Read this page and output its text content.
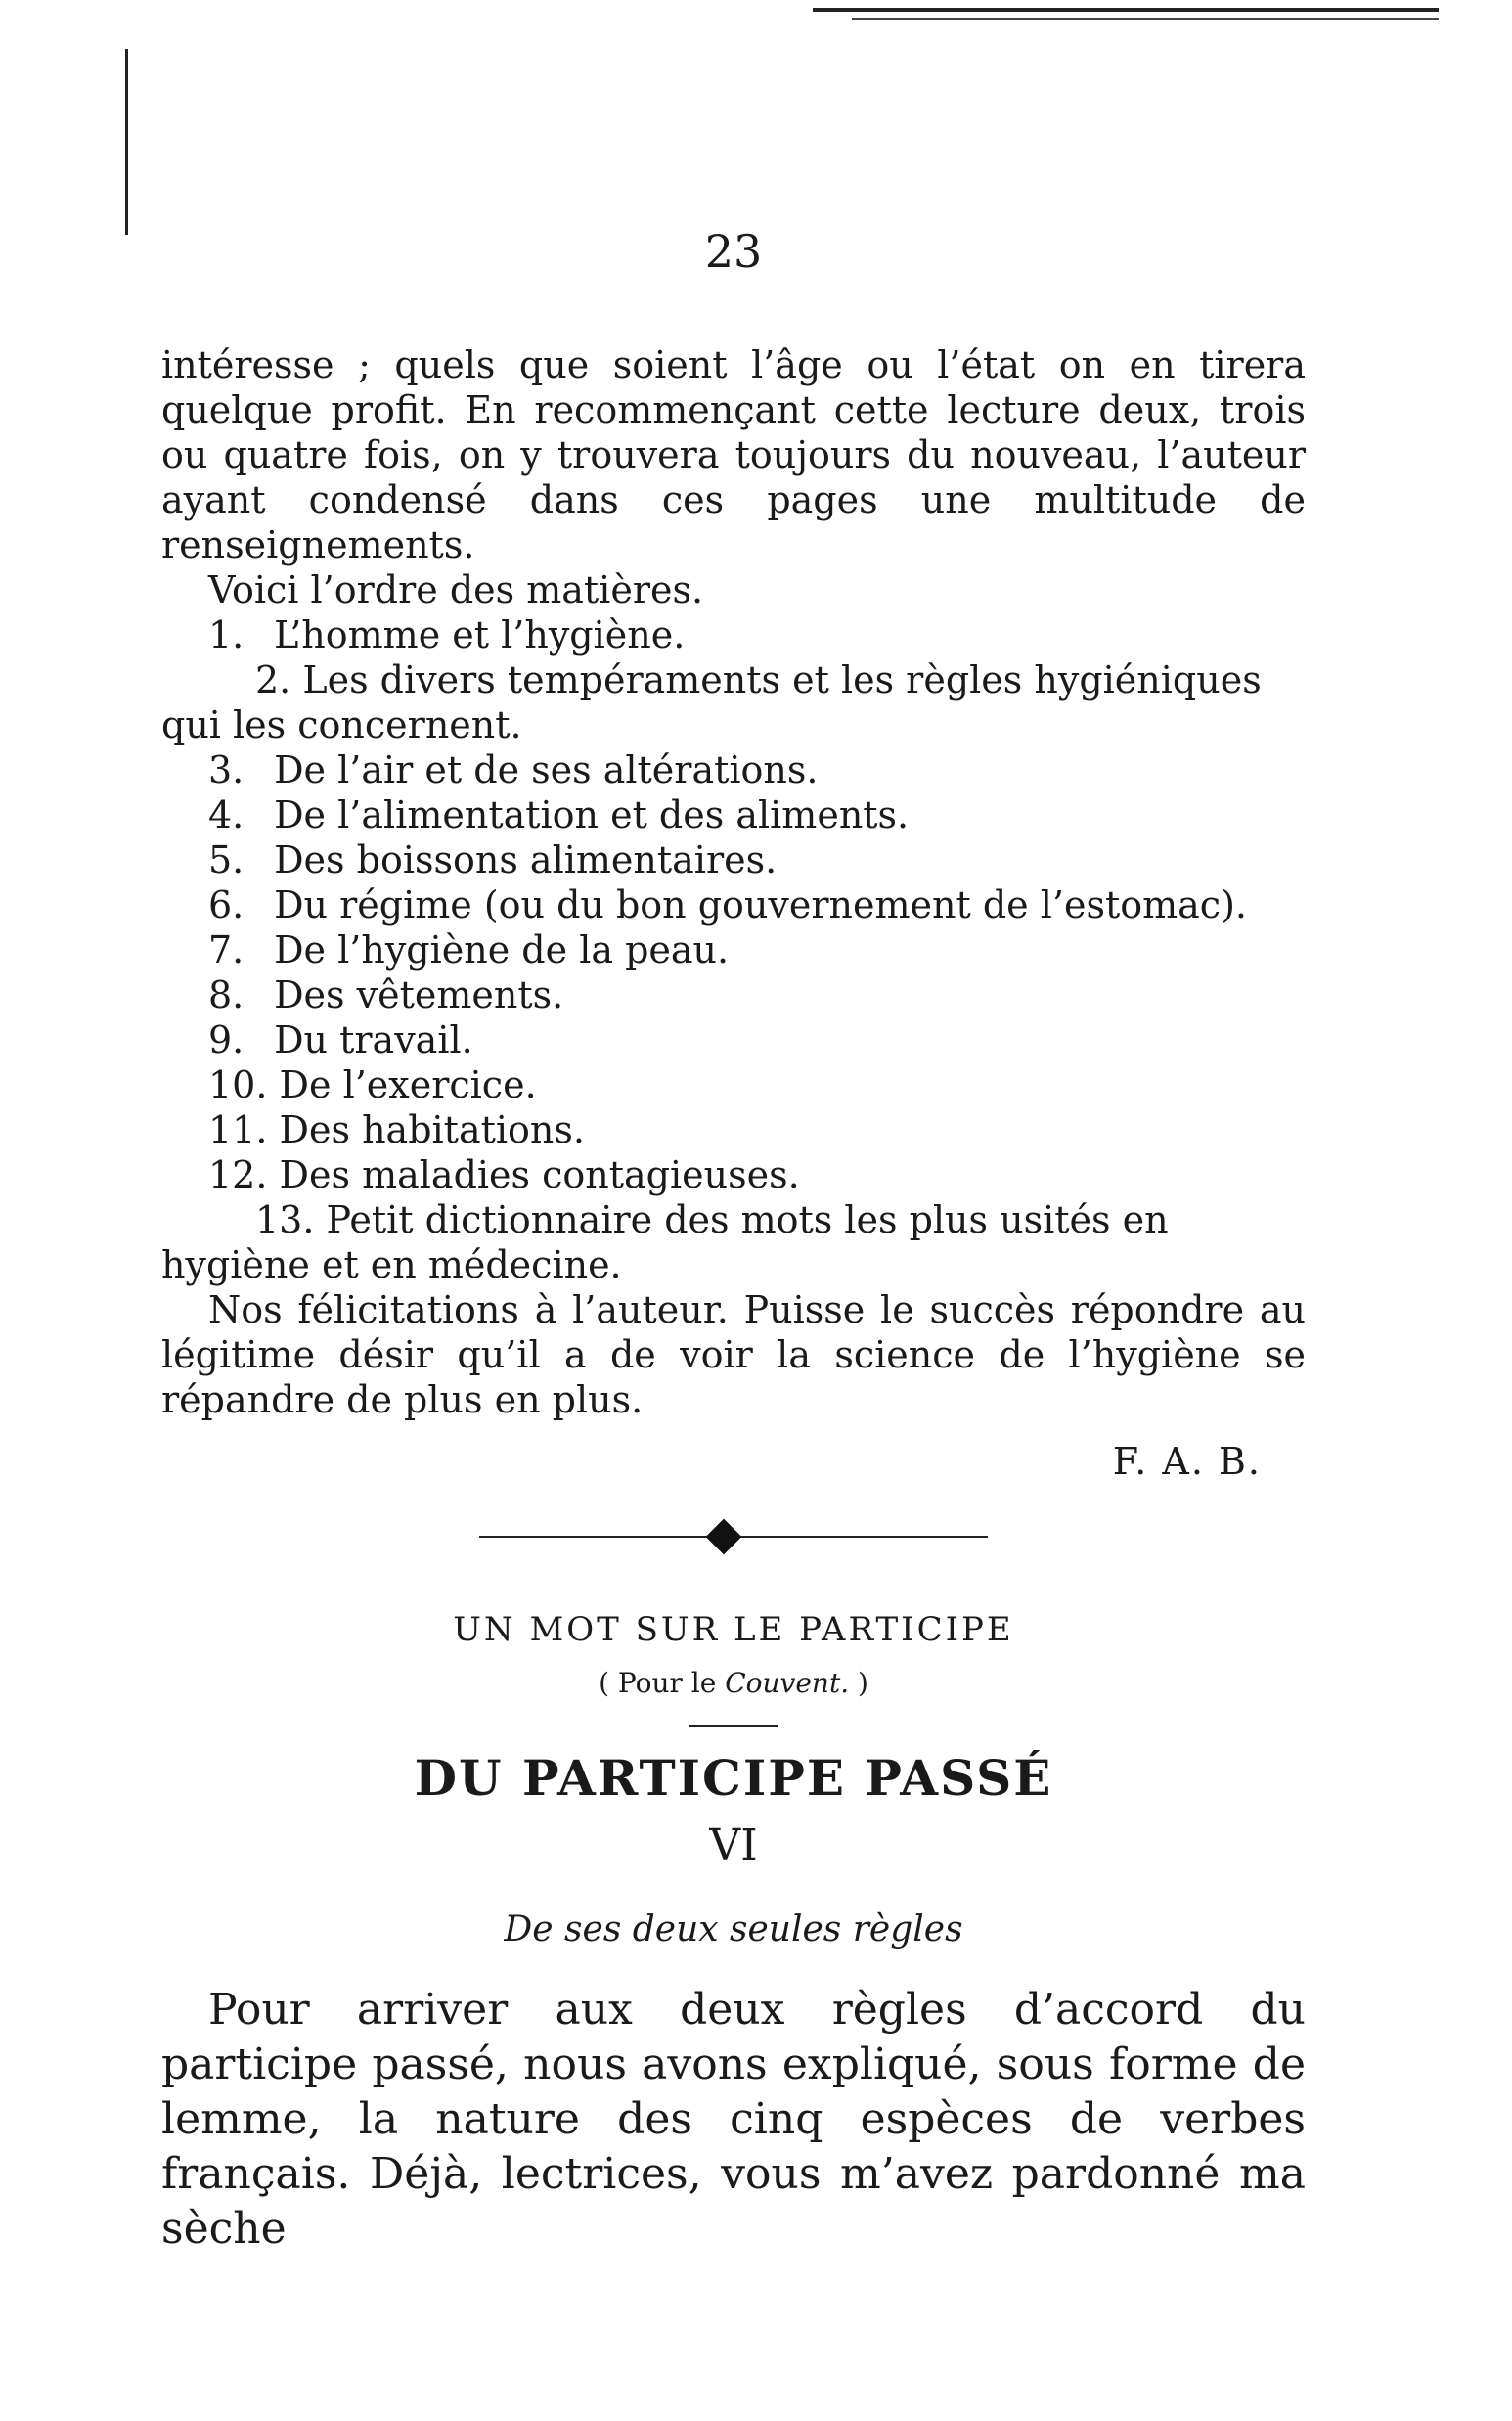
23

intéresse ; quels que soient l’âge ou l’état on en tirera quelque profit. En recommençant cette lecture deux, trois ou quatre fois, on y trouvera toujours du nouveau, l’auteur ayant condensé dans ces pages une multitude de renseignements.

Voici l’ordre des matières.

1. L’homme et l’hygiène.
2. Les divers tempéraments et les règles hygiéniques qui les concernent.
3. De l’air et de ses altérations.
4. De l’alimentation et des aliments.
5. Des boissons alimentaires.
6. Du régime (ou du bon gouvernement de l’estomac).
7. De l’hygiène de la peau.
8. Des vêtements.
9. Du travail.
10. De l’exercice.
11. Des habitations.
12. Des maladies contagieuses.
13. Petit dictionnaire des mots les plus usités en hygiène et en médecine.

Nos félicitations à l’auteur. Puisse le succès répondre au légitime désir qu’il a de voir la science de l’hygiène se répandre de plus en plus.

F. A. B.
UN MOT SUR LE PARTICIPE
( Pour le Couvent. )
DU PARTICIPE PASSÉ
VI
De ses deux seules règles

Pour arriver aux deux règles d’accord du participe passé, nous avons expliqué, sous forme de lemme, la nature des cinq espèces de verbes français. Déjà, lectrices, vous m’avez pardonné ma sèche
